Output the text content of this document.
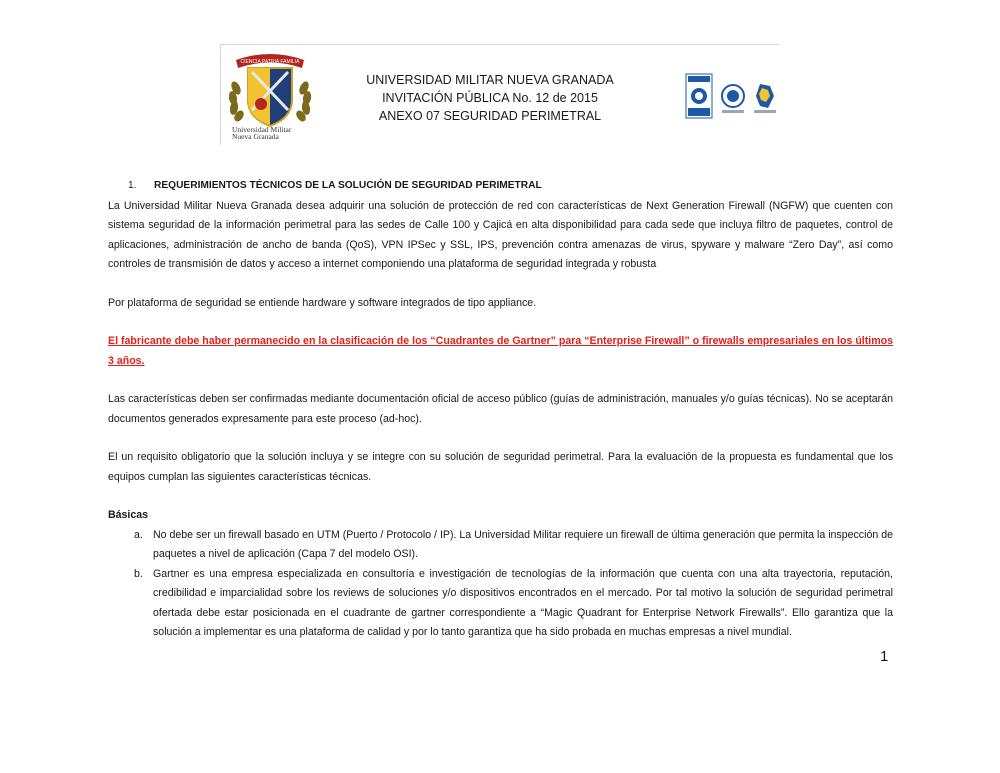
CIENCIA PATRIA FAMILIA
Universidad Militar
Nueva Granada
UNIVERSIDAD MILITAR NUEVA GRANADA
INVITACIÓN PÚBLICA No. 12 de 2015
ANEXO 07 SEGURIDAD PERIMETRAL

1. REQUERIMIENTOS TÉCNICOS DE LA SOLUCIÓN DE SEGURIDAD PERIMETRAL

La Universidad Militar Nueva Granada desea adquirir una solución de protección de red con características de Next Generation Firewall (NGFW) que cuenten con sistema seguridad de la información perimetral para las sedes de Calle 100 y Cajicá en alta disponibilidad para cada sede que incluya filtro de paquetes, control de aplicaciones, administración de ancho de banda (QoS), VPN IPSec y SSL, IPS, prevención contra amenazas de virus, spyware y malware “Zero Day”, así como controles de transmisión de datos y acceso a internet componiendo una plataforma de seguridad integrada y robusta

Por plataforma de seguridad se entiende hardware y software integrados de tipo appliance.

El fabricante debe haber permanecido en la clasificación de los “Cuadrantes de Gartner” para “Enterprise Firewall” o firewalls empresariales en los últimos 3 años.

Las características deben ser confirmadas mediante documentación oficial de acceso público (guías de administración, manuales y/o guías técnicas). No se aceptarán documentos generados expresamente para este proceso (ad-hoc).

El un requisito obligatorio que la solución incluya y se integre con su solución de seguridad perimetral. Para la evaluación de la propuesta es fundamental que los equipos cumplan las siguientes características técnicas.

Básicas

a. No debe ser un firewall basado en UTM (Puerto / Protocolo / IP). La Universidad Militar requiere un firewall de última generación que permita la inspección de paquetes a nivel de aplicación (Capa 7 del modelo OSI).

b. Gartner es una empresa especializada en consultoría e investigación de tecnologías de la información que cuenta con una alta trayectoria, reputación, credibilidad e imparcialidad sobre los reviews de soluciones y/o dispositivos encontrados en el mercado. Por tal motivo la solución de seguridad perimetral ofertada debe estar posicionada en el cuadrante de gartner correspondiente a “Magic Quadrant for Enterprise Network Firewalls”. Ello garantiza que la solución a implementar es una plataforma de calidad y por lo tanto garantiza que ha sido probada en muchas empresas a nivel mundial.

1
